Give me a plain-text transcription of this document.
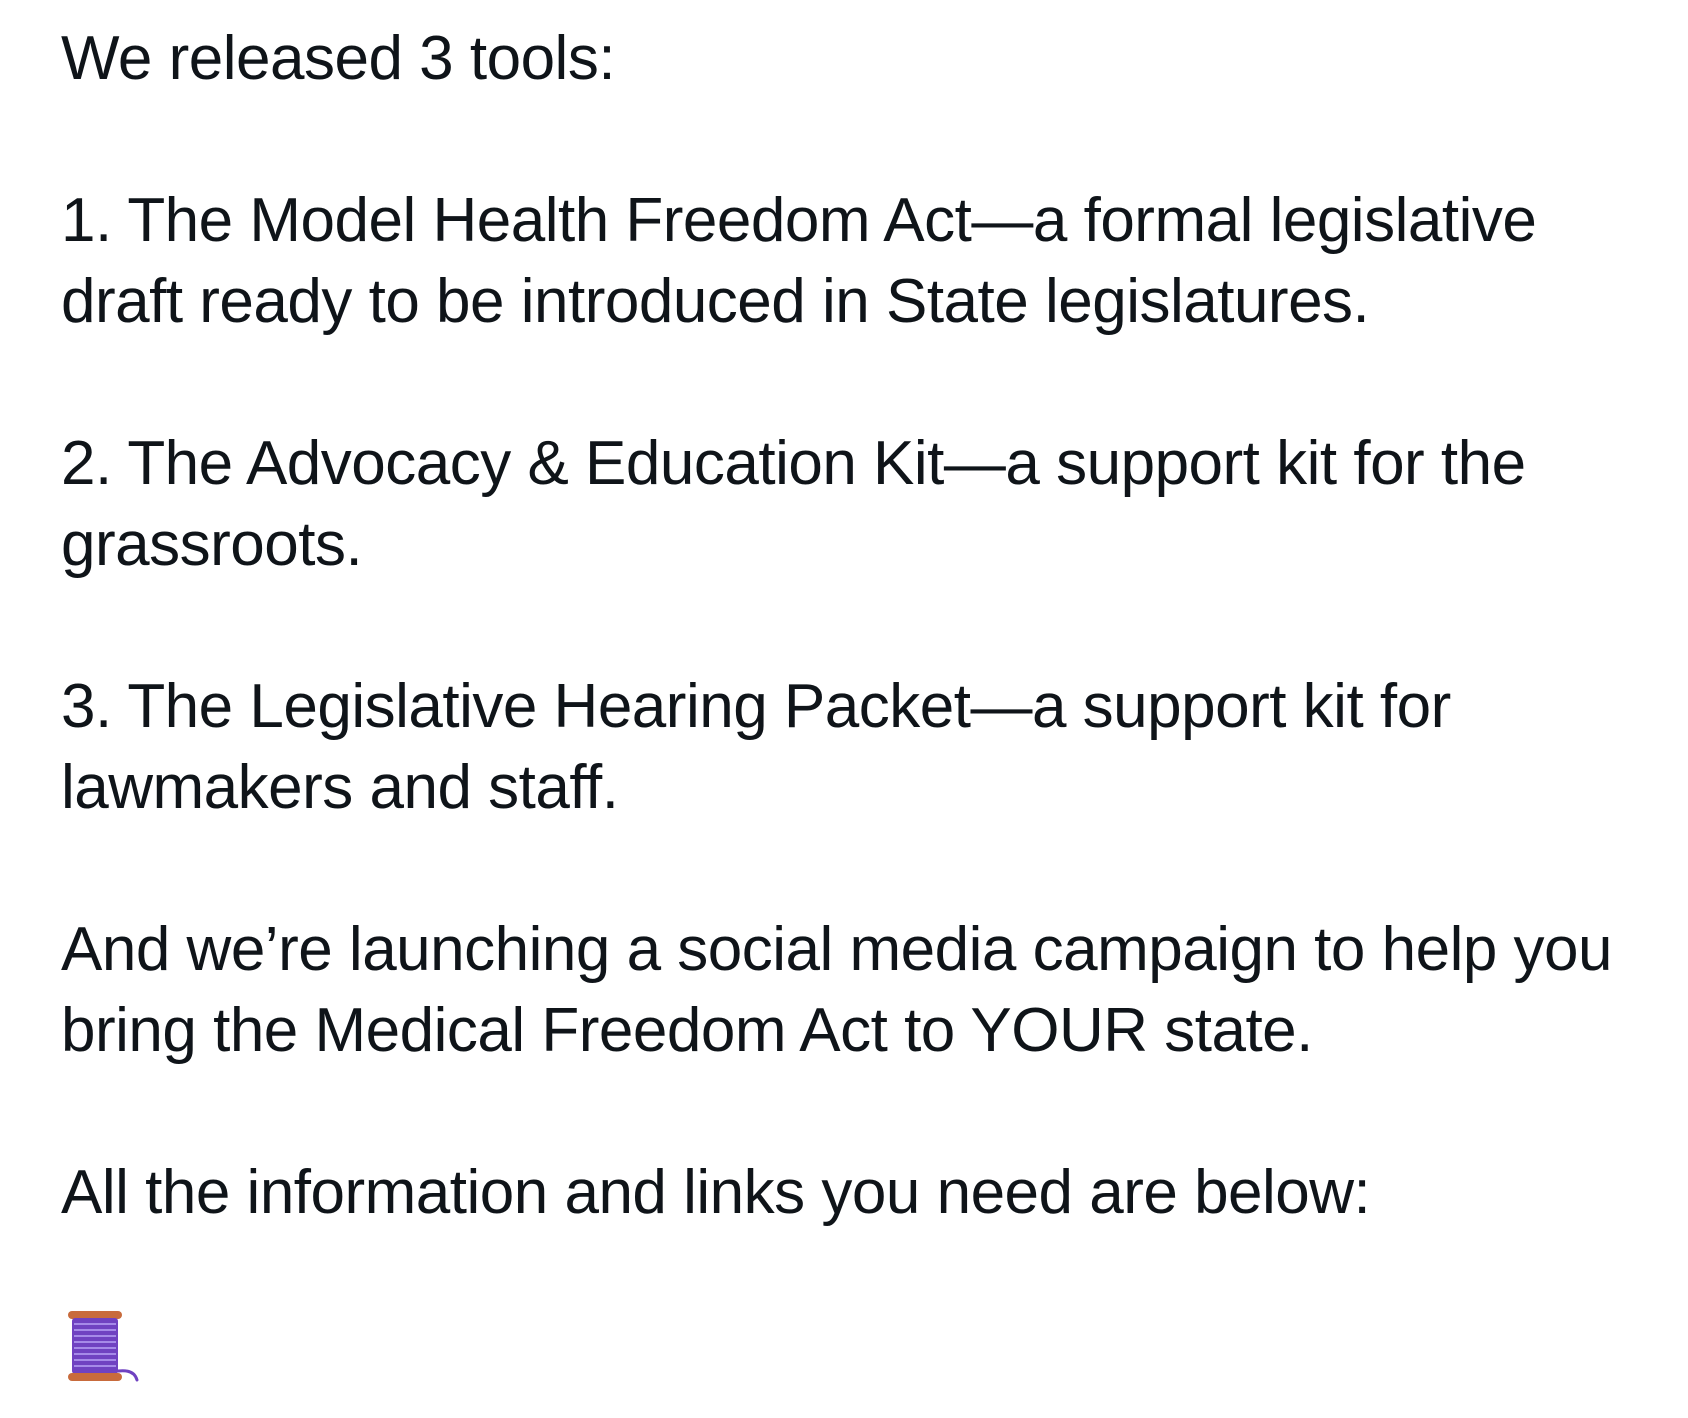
We released 3 tools:

1. The Model Health Freedom Act—a formal legislative draft ready to be introduced in State legislatures.

2. The Advocacy & Education Kit—a support kit for the grassroots.

3. The Legislative Hearing Packet—a support kit for lawmakers and staff.

And we’re launching a social media campaign to help you bring the Medical Freedom Act to YOUR state.

All the information and links you need are below:
